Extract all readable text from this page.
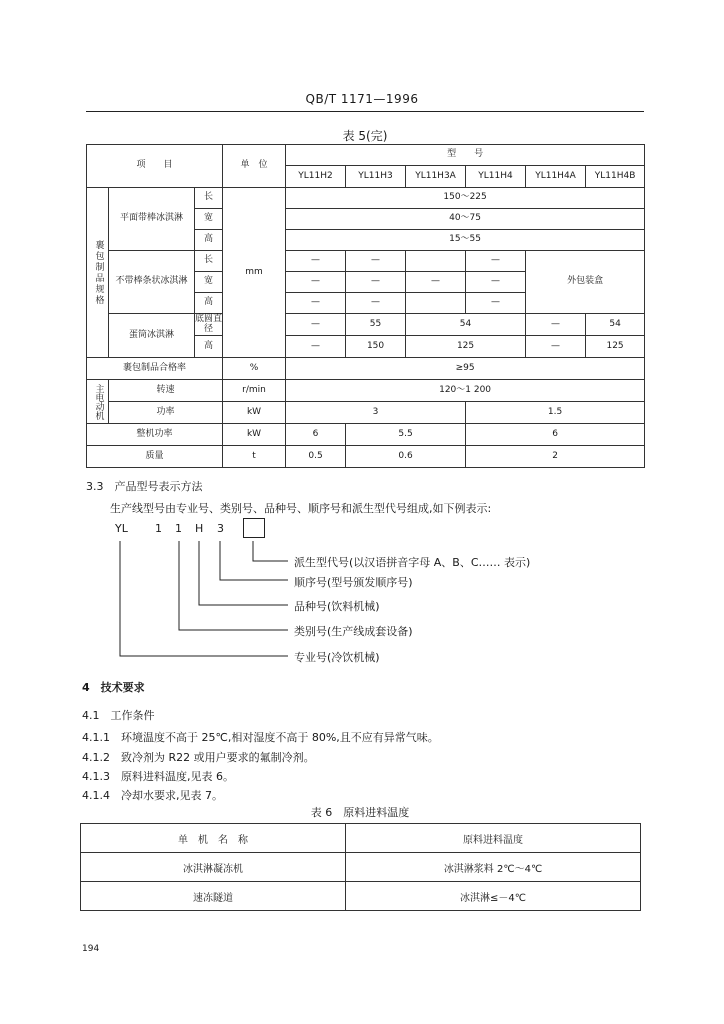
QB/T 1171—1996
表 5(完)
项　　目			单　位	型　　号					
				YL11H2	YL11H3	YL11H3A	YL11H4	YL11H4A	YL11H4B
裹包制品规格	平面带棒冰淇淋	长	mm	150～225					
		宽		40～75					
		高		15～55					
	不带棒条状冰淇淋	长		—	—		—	外包装盒	
		宽		—	—	—	—		
		高		—	—		—		
	蛋筒冰淇淋	底圆直径		—	55	54		—	54
		高		—	150	125		—	125
裹包制品合格率			%	≥95					
主电动机	转速		r/min	120～1 200					
	功率		kW	3			1.5		
整机功率			kW	6	5.5		6		
质量			t	0.5	0.6		2		
3.3　产品型号表示方法
生产线型号由专业号、类别号、品种号、顺序号和派生型代号组成,如下例表示:
YL 1 1 H 3
派生型代号(以汉语拼音字母 A、B、C…… 表示)
顺序号(型号颁发顺序号)
品种号(饮料机械)
类别号(生产线成套设备)
专业号(冷饮机械)
4　技术要求
4.1　工作条件
4.1.1　环境温度不高于 25℃,相对湿度不高于 80%,且不应有异常气味。
4.1.2　致冷剂为 R22 或用户要求的氟制冷剂。
4.1.3　原料进料温度,见表 6。
4.1.4　冷却水要求,见表 7。
表 6　原料进料温度
单　机　名　称	原料进料温度
冰淇淋凝冻机	冰淇淋浆料 2℃～4℃
速冻隧道	冰淇淋≤－4℃
194
